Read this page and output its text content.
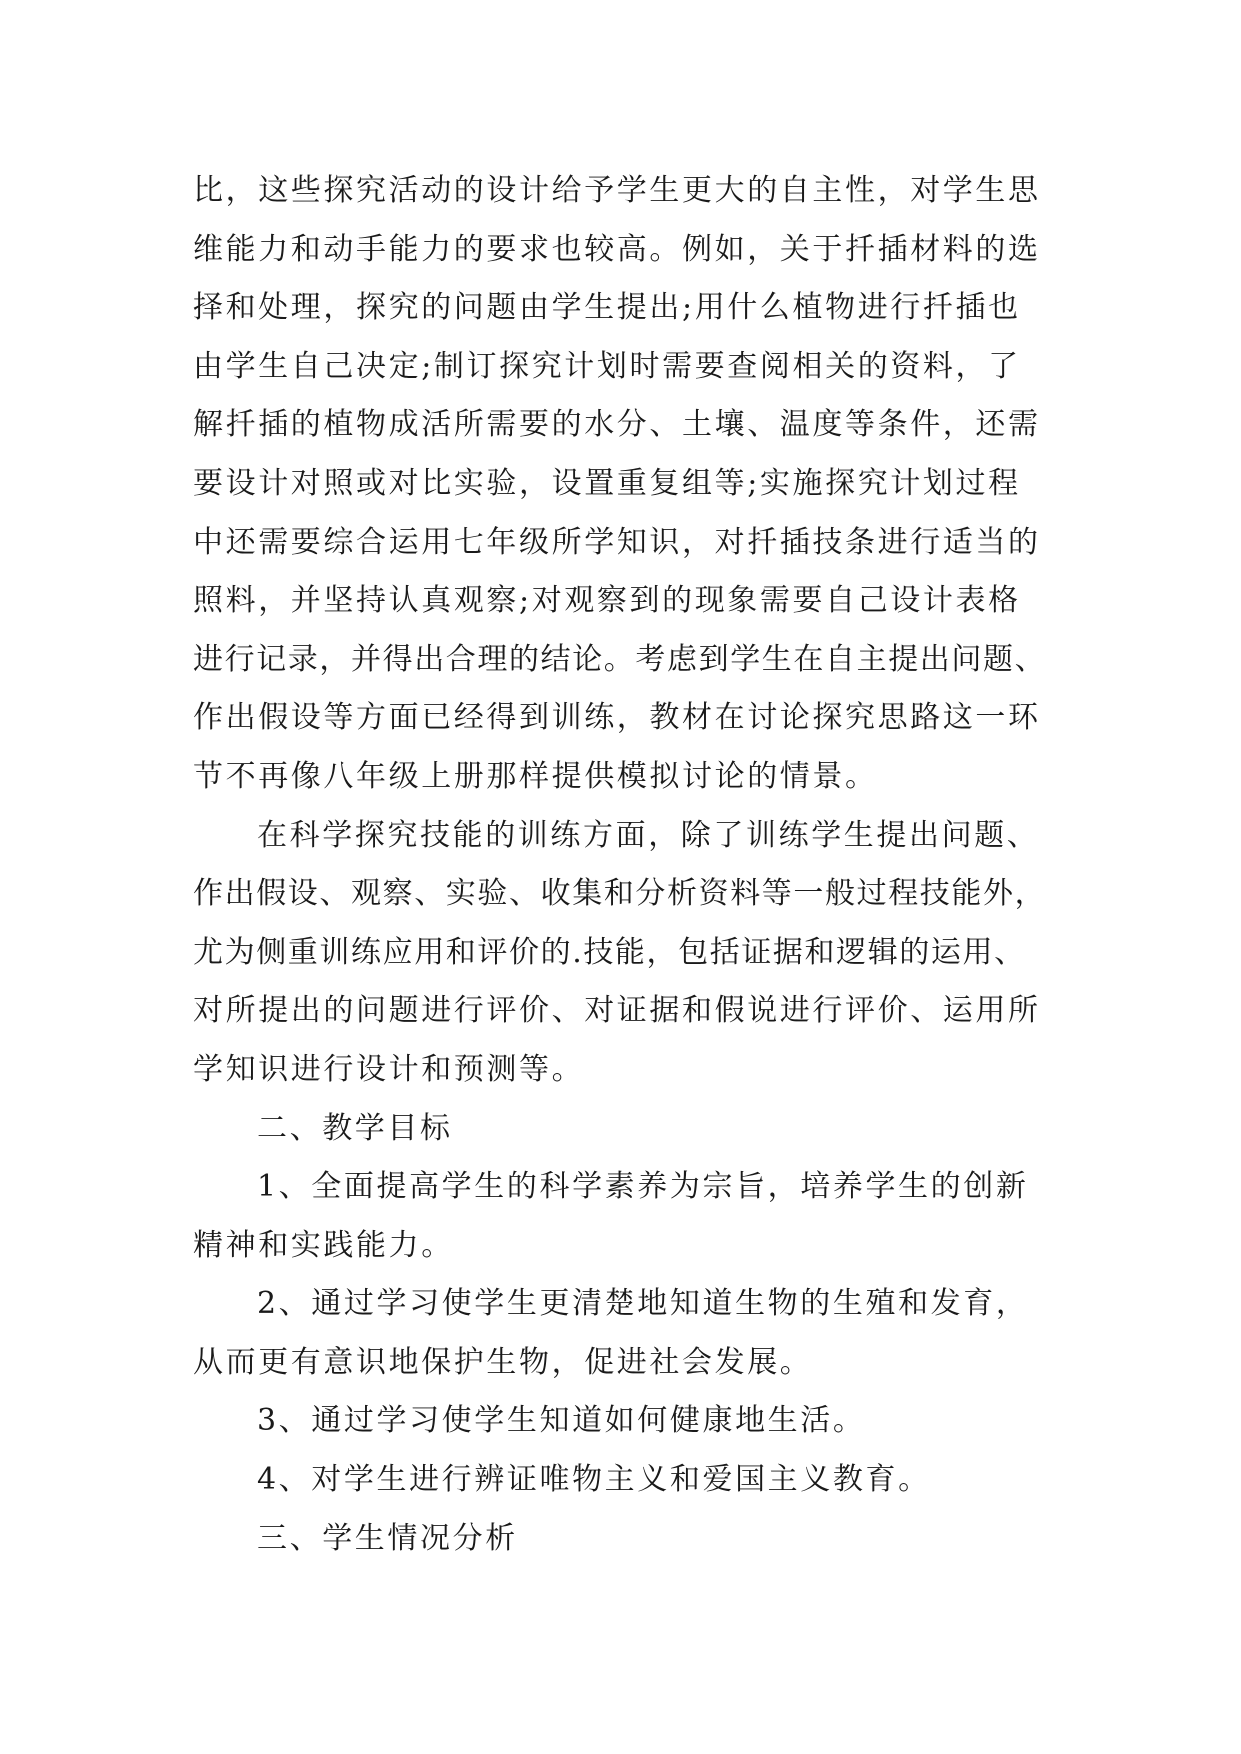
比，这些探究活动的设计给予学生更大的自主性，对学生思
维能力和动手能力的要求也较高。例如，关于扦插材料的选
择和处理，探究的问题由学生提出;用什么植物进行扦插也
由学生自己决定;制订探究计划时需要查阅相关的资料，了
解扦插的植物成活所需要的水分、土壤、温度等条件，还需
要设计对照或对比实验，设置重复组等;实施探究计划过程
中还需要综合运用七年级所学知识，对扦插技条进行适当的
照料，并坚持认真观察;对观察到的现象需要自己设计表格
进行记录，并得出合理的结论。考虑到学生在自主提出问题、
作出假设等方面已经得到训练，教材在讨论探究思路这一环
节不再像八年级上册那样提供模拟讨论的情景。
在科学探究技能的训练方面，除了训练学生提出问题、
作出假设、观察、实验、收集和分析资料等一般过程技能外，
尤为侧重训练应用和评价的.技能，包括证据和逻辑的运用、
对所提出的问题进行评价、对证据和假说进行评价、运用所
学知识进行设计和预测等。
二、教学目标
1、全面提高学生的科学素养为宗旨，培养学生的创新
精神和实践能力。
2、通过学习使学生更清楚地知道生物的生殖和发育，
从而更有意识地保护生物，促进社会发展。
3、通过学习使学生知道如何健康地生活。
4、对学生进行辨证唯物主义和爱国主义教育。
三、学生情况分析
